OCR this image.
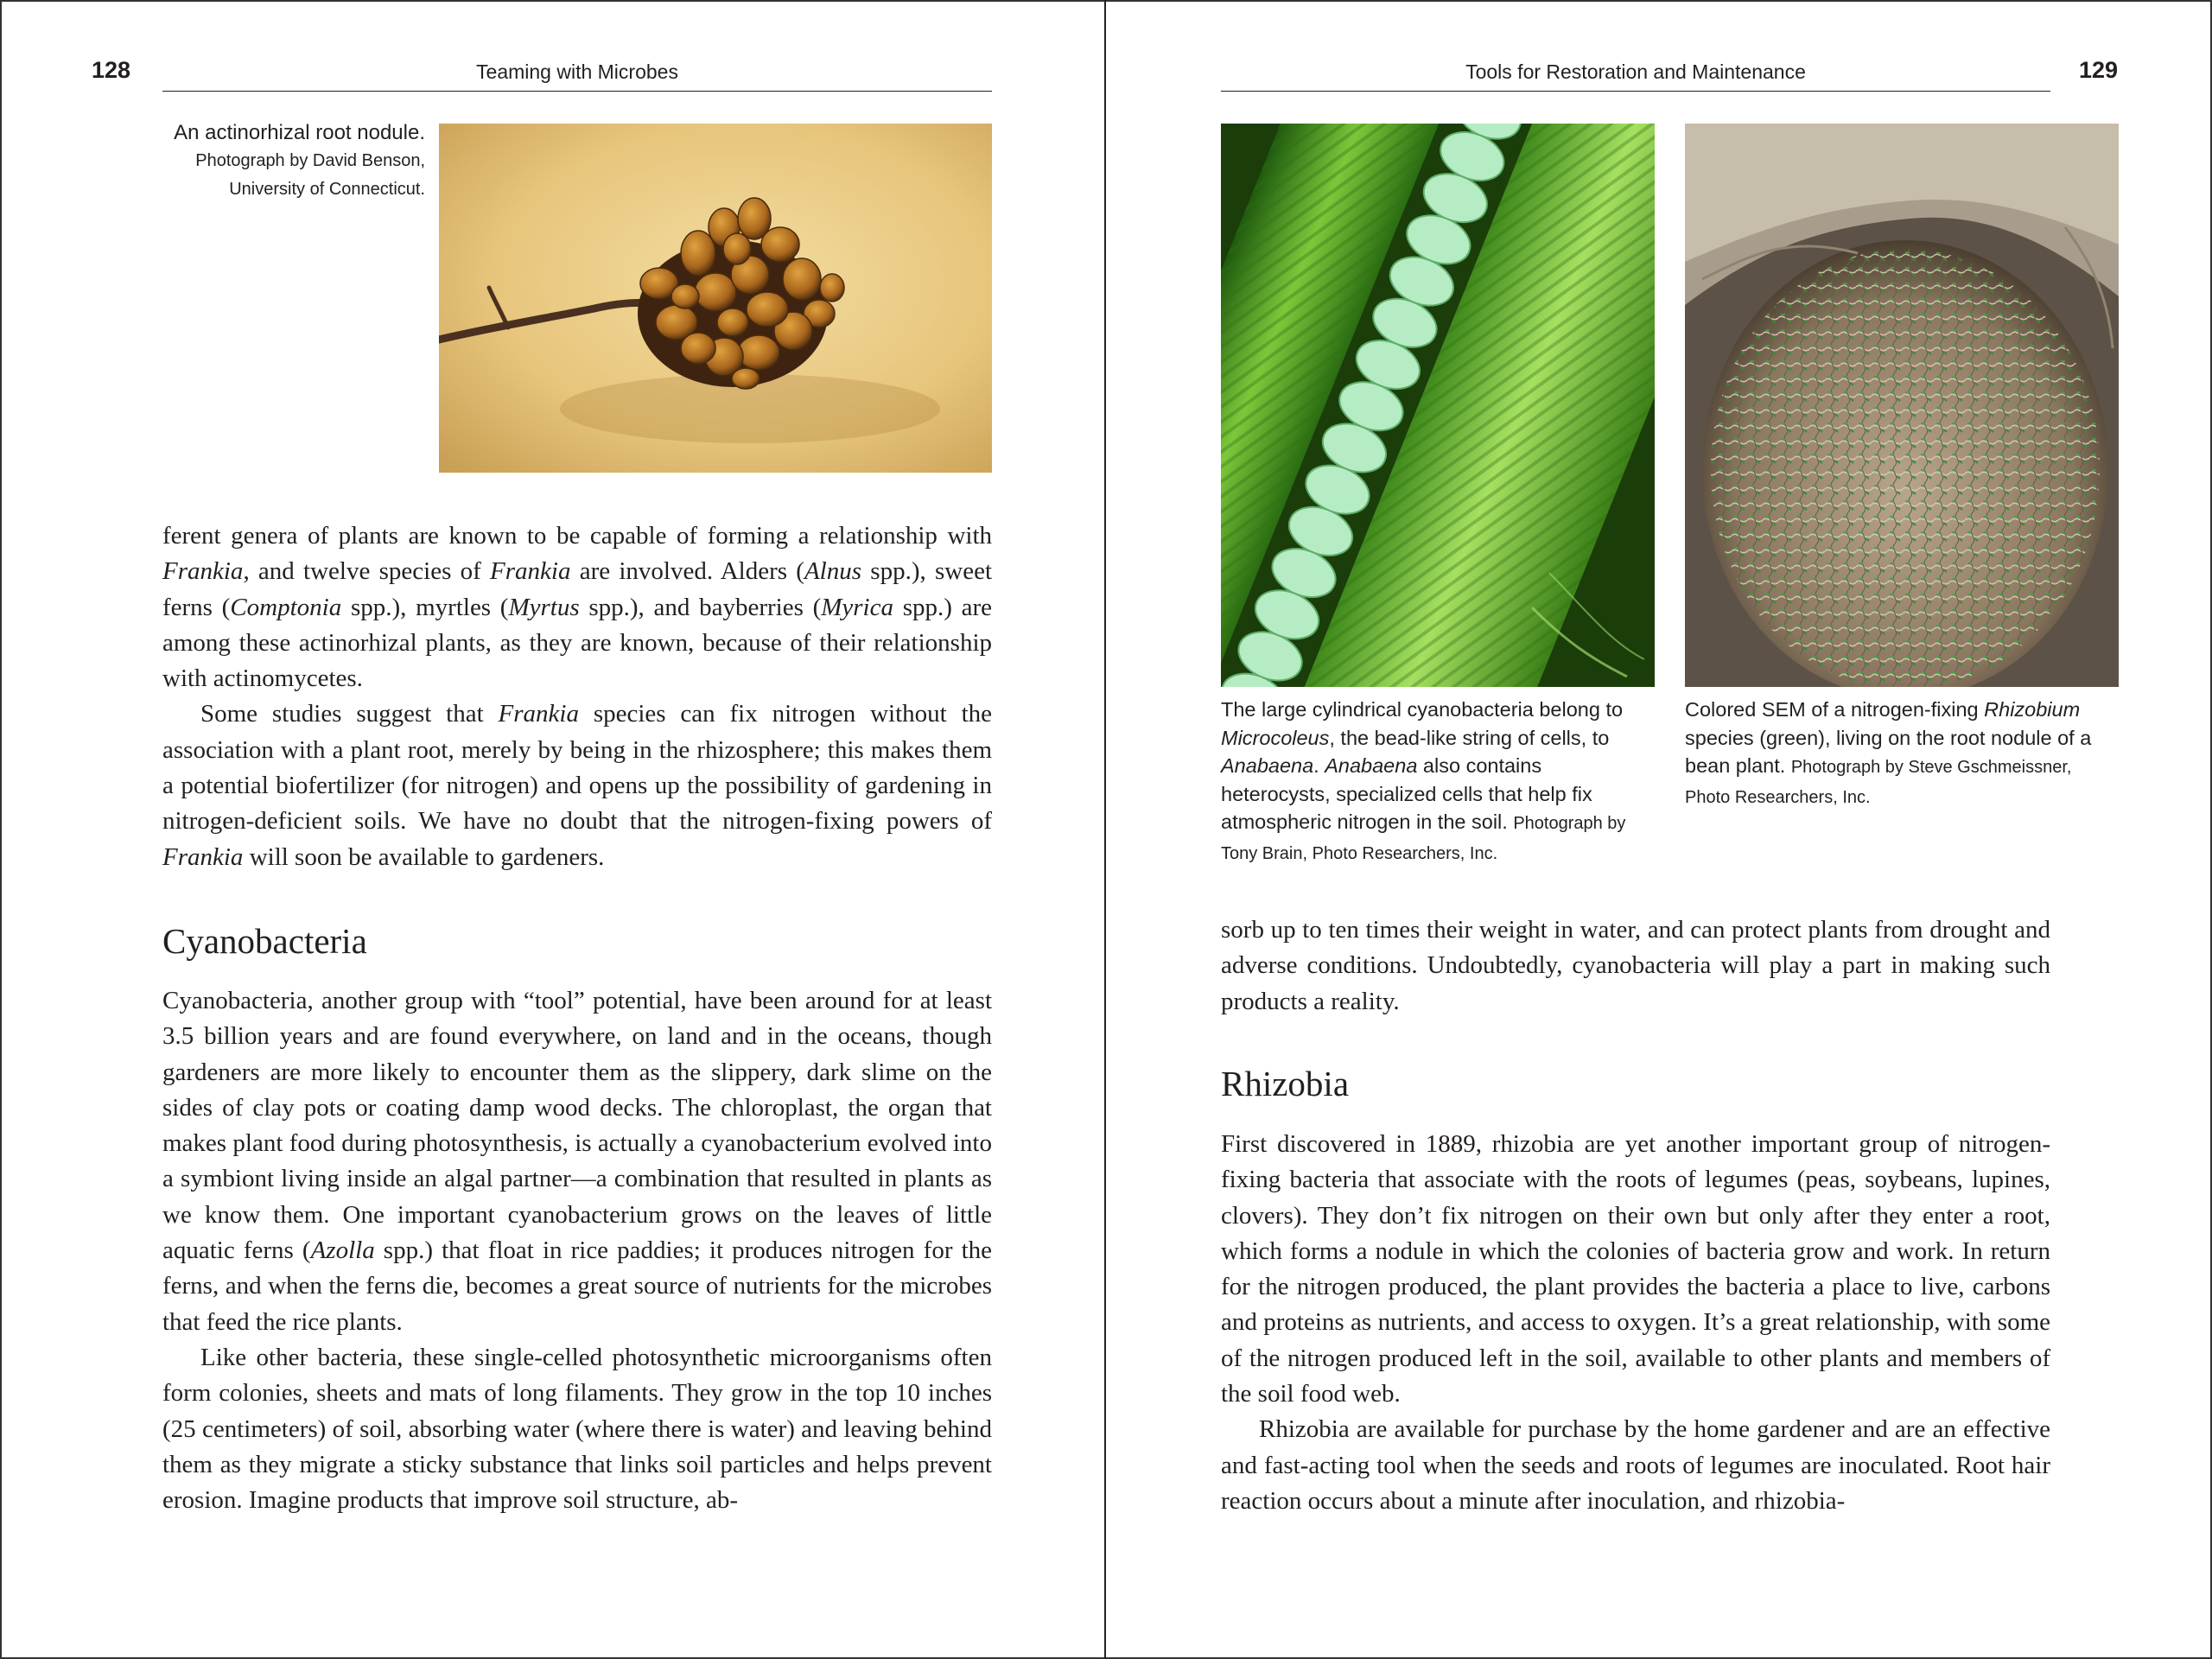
128	Teaming with Microbes
An actinorhizal root nodule.
Photograph by David Benson,
University of Connecticut.

ferent genera of plants are known to be capable of forming a relationship with Frankia, and twelve species of Frankia are involved. Alders (Alnus spp.), sweet ferns (Comptonia spp.), myrtles (Myrtus spp.), and bayberries (Myrica spp.) are among these actinorhizal plants, as they are known, because of their relationship with actinomycetes.

Some studies suggest that Frankia species can fix nitrogen without the association with a plant root, merely by being in the rhizosphere; this makes them a potential biofertilizer (for nitrogen) and opens up the possibility of gardening in nitrogen-deficient soils. We have no doubt that the nitrogen-fixing powers of Frankia will soon be available to gardeners.

Cyanobacteria

Cyanobacteria, another group with “tool” potential, have been around for at least 3.5 billion years and are found everywhere, on land and in the oceans, though gardeners are more likely to encounter them as the slippery, dark slime on the sides of clay pots or coating damp wood decks. The chloroplast, the organ that makes plant food during photosynthesis, is actually a cyanobacterium evolved into a symbiont living inside an algal partner—a combination that resulted in plants as we know them. One important cyanobacterium grows on the leaves of little aquatic ferns (Azolla spp.) that float in rice paddies; it produces nitrogen for the ferns, and when the ferns die, becomes a great source of nutrients for the microbes that feed the rice plants.

Like other bacteria, these single-celled photosynthetic microorganisms often form colonies, sheets and mats of long filaments. They grow in the top 10 inches (25 centimeters) of soil, absorbing water (where there is water) and leaving behind them as they migrate a sticky substance that links soil particles and helps prevent erosion. Imagine products that improve soil structure, ab-

Tools for Restoration and Maintenance	129
The large cylindrical cyanobacteria belong to Microcoleus, the bead-like string of cells, to Anabaena. Anabaena also contains heterocysts, specialized cells that help fix atmospheric nitrogen in the soil. Photograph by Tony Brain, Photo Researchers, Inc.
Colored SEM of a nitrogen-fixing Rhizobium species (green), living on the root nodule of a bean plant. Photograph by Steve Gschmeissner, Photo Researchers, Inc.

sorb up to ten times their weight in water, and can protect plants from drought and adverse conditions. Undoubtedly, cyanobacteria will play a part in making such products a reality.

Rhizobia

First discovered in 1889, rhizobia are yet another important group of nitrogen-fixing bacteria that associate with the roots of legumes (peas, soybeans, lupines, clovers). They don’t fix nitrogen on their own but only after they enter a root, which forms a nodule in which the colonies of bacteria grow and work. In return for the nitrogen produced, the plant provides the bacteria a place to live, carbons and proteins as nutrients, and access to oxygen. It’s a great relationship, with some of the nitrogen produced left in the soil, available to other plants and members of the soil food web.

Rhizobia are available for purchase by the home gardener and are an effective and fast-acting tool when the seeds and roots of legumes are inoculated. Root hair reaction occurs about a minute after inoculation, and rhizobia-
